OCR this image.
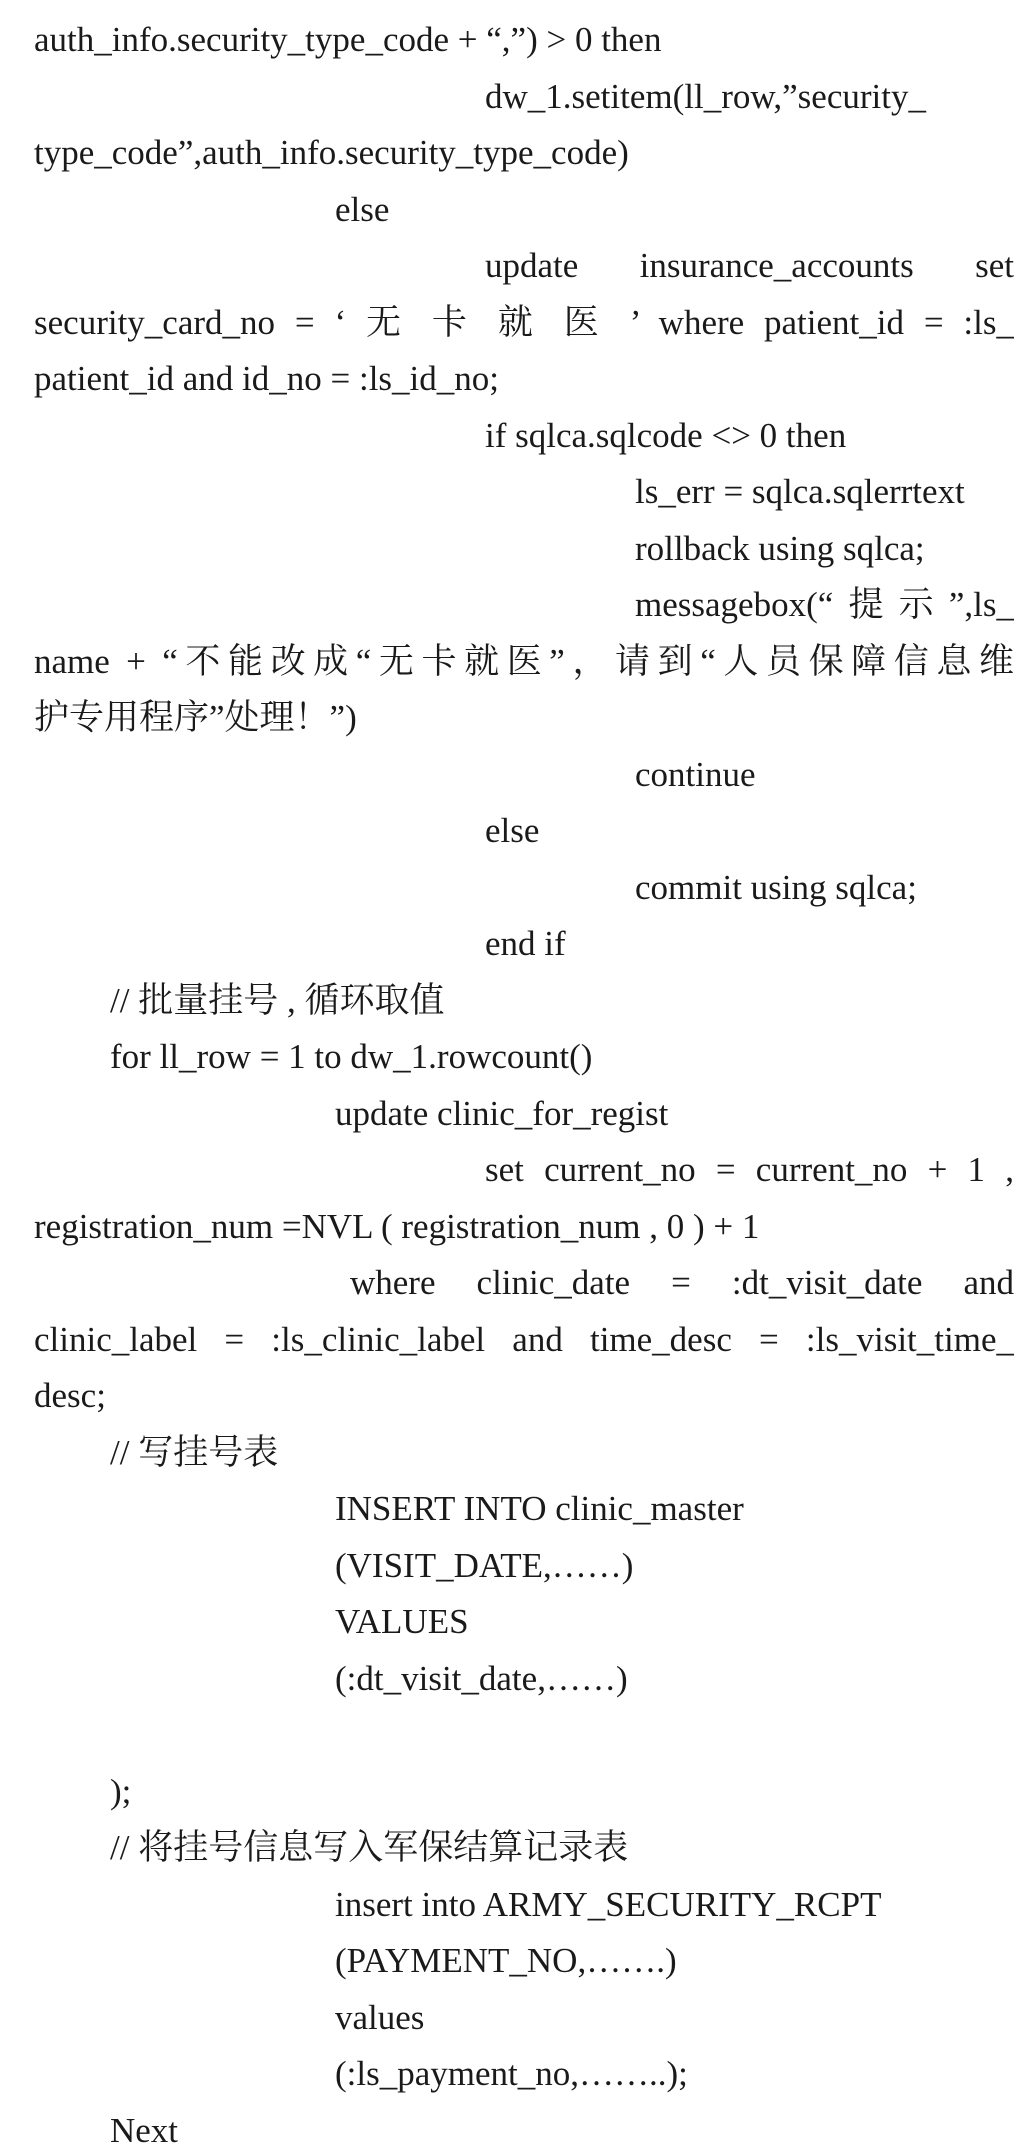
auth_info.security_type_code + “,”) > 0 then
dw_1.setitem(ll_row,”security_
type_code”,auth_info.security_type_code)
else
update insurance_accounts set
security_card_no = ‘ 无 卡 就 医 ’ where patient_id = :ls_
patient_id and id_no = :ls_id_no;
if sqlca.sqlcode <> 0 then
ls_err = sqlca.sqlerrtext
rollback using sqlca;
messagebox(“提示”,ls_
name + “不能改成“无卡就医”，请到“人员保障信息维
护专用程序”处理！”)
continue
else
commit using sqlca;
end if
// 批量挂号 , 循环取值
for ll_row = 1 to dw_1.rowcount()
update clinic_for_regist
set current_no = current_no + 1 ,
registration_num =NVL ( registration_num , 0 ) + 1
where clinic_date = :dt_visit_date and
clinic_label = :ls_clinic_label and time_desc = :ls_visit_time_
desc;
// 写挂号表
INSERT INTO clinic_master
(VISIT_DATE,……)
VALUES
(:dt_visit_date,……)
);
// 将挂号信息写入军保结算记录表
insert into ARMY_SECURITY_RCPT
(PAYMENT_NO,…….)
values
(:ls_payment_no,……..);
Next
